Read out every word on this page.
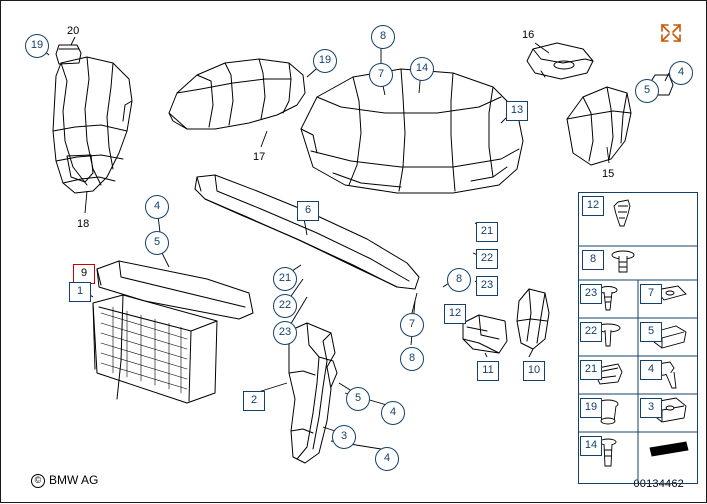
19
19
8
7	14	4
5
4
5
21
22
23
8
7
8
5
4
3
4
20	16
13
15
17
18
6
9
1
21
22
23
12
11	10
2
12
8
23	7
22	5
21	4
19	3
14
© BMW AG	00134462
